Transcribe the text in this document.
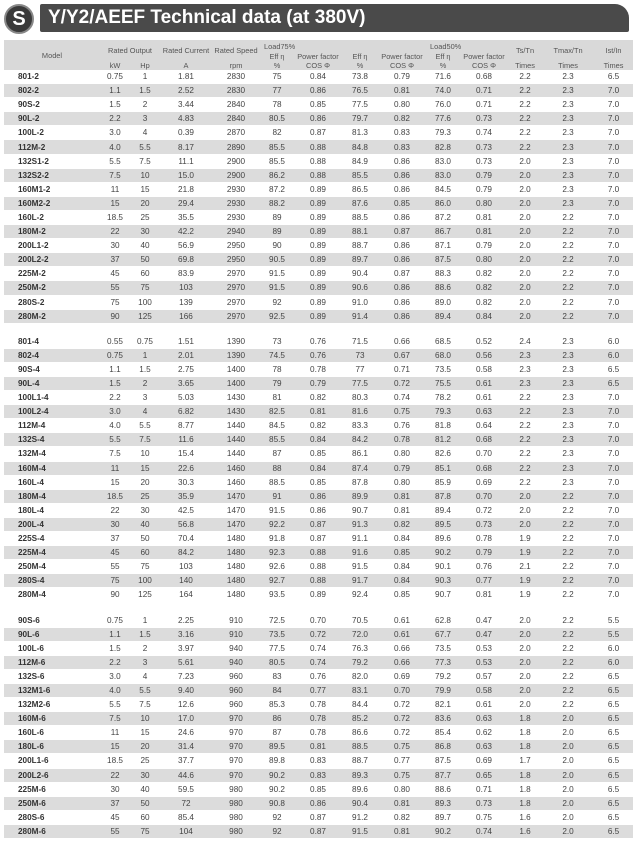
S	Y/Y2/AEEF Technical data (at 380V)
Model	Rated Output		Rated Current	Rated Speed	Load75%				Load50%		Ts/Tn	Tmax/Tn	Ist/In
					Eff η	Power factor	Eff η	Power factor	Eff η	Power factor			
	kW	Hp	A	rpm	%	COS Φ	%	COS Φ	%	COS Φ	Times	Times	Times
801-2	0.75	1	1.81	2830	75	0.84	73.8	0.79	71.6	0.68	2.2	2.3	6.5
802-2	1.1	1.5	2.52	2830	77	0.86	76.5	0.81	74.0	0.71	2.2	2.3	7.0
90S-2	1.5	2	3.44	2840	78	0.85	77.5	0.80	76.0	0.71	2.2	2.3	7.0
90L-2	2.2	3	4.83	2840	80.5	0.86	79.7	0.82	77.6	0.73	2.2	2.3	7.0
100L-2	3.0	4	0.39	2870	82	0.87	81.3	0.83	79.3	0.74	2.2	2.3	7.0
112M-2	4.0	5.5	8.17	2890	85.5	0.88	84.8	0.83	82.8	0.73	2.2	2.3	7.0
132S1-2	5.5	7.5	11.1	2900	85.5	0.88	84.9	0.86	83.0	0.73	2.0	2.3	7.0
132S2-2	7.5	10	15.0	2900	86.2	0.88	85.5	0.86	83.0	0.79	2.0	2.3	7.0
160M1-2	11	15	21.8	2930	87.2	0.89	86.5	0.86	84.5	0.79	2.0	2.3	7.0
160M2-2	15	20	29.4	2930	88.2	0.89	87.6	0.85	86.0	0.80	2.0	2.3	7.0
160L-2	18.5	25	35.5	2930	89	0.89	88.5	0.86	87.2	0.81	2.0	2.2	7.0
180M-2	22	30	42.2	2940	89	0.89	88.1	0.87	86.7	0.81	2.0	2.2	7.0
200L1-2	30	40	56.9	2950	90	0.89	88.7	0.86	87.1	0.79	2.0	2.2	7.0
200L2-2	37	50	69.8	2950	90.5	0.89	89.7	0.86	87.5	0.80	2.0	2.2	7.0
225M-2	45	60	83.9	2970	91.5	0.89	90.4	0.87	88.3	0.82	2.0	2.2	7.0
250M-2	55	75	103	2970	91.5	0.89	90.6	0.86	88.6	0.82	2.0	2.2	7.0
280S-2	75	100	139	2970	92	0.89	91.0	0.86	89.0	0.82	2.0	2.2	7.0
280M-2	90	125	166	2970	92.5	0.89	91.4	0.86	89.4	0.84	2.0	2.2	7.0

801-4	0.55	0.75	1.51	1390	73	0.76	71.5	0.66	68.5	0.52	2.4	2.3	6.0
802-4	0.75	1	2.01	1390	74.5	0.76	73	0.67	68.0	0.56	2.3	2.3	6.0
90S-4	1.1	1.5	2.75	1400	78	0.78	77	0.71	73.5	0.58	2.3	2.3	6.5
90L-4	1.5	2	3.65	1400	79	0.79	77.5	0.72	75.5	0.61	2.3	2.3	6.5
100L1-4	2.2	3	5.03	1430	81	0.82	80.3	0.74	78.2	0.61	2.2	2.3	7.0
100L2-4	3.0	4	6.82	1430	82.5	0.81	81.6	0.75	79.3	0.63	2.2	2.3	7.0
112M-4	4.0	5.5	8.77	1440	84.5	0.82	83.3	0.76	81.8	0.64	2.2	2.3	7.0
132S-4	5.5	7.5	11.6	1440	85.5	0.84	84.2	0.78	81.2	0.68	2.2	2.3	7.0
132M-4	7.5	10	15.4	1440	87	0.85	86.1	0.80	82.6	0.70	2.2	2.3	7.0
160M-4	11	15	22.6	1460	88	0.84	87.4	0.79	85.1	0.68	2.2	2.3	7.0
160L-4	15	20	30.3	1460	88.5	0.85	87.8	0.80	85.9	0.69	2.2	2.3	7.0
180M-4	18.5	25	35.9	1470	91	0.86	89.9	0.81	87.8	0.70	2.0	2.2	7.0
180L-4	22	30	42.5	1470	91.5	0.86	90.7	0.81	89.4	0.72	2.0	2.2	7.0
200L-4	30	40	56.8	1470	92.2	0.87	91.3	0.82	89.5	0.73	2.0	2.2	7.0
225S-4	37	50	70.4	1480	91.8	0.87	91.1	0.84	89.6	0.78	1.9	2.2	7.0
225M-4	45	60	84.2	1480	92.3	0.88	91.6	0.85	90.2	0.79	1.9	2.2	7.0
250M-4	55	75	103	1480	92.6	0.88	91.5	0.84	90.1	0.76	2.1	2.2	7.0
280S-4	75	100	140	1480	92.7	0.88	91.7	0.84	90.3	0.77	1.9	2.2	7.0
280M-4	90	125	164	1480	93.5	0.89	92.4	0.85	90.7	0.81	1.9	2.2	7.0

90S-6	0.75	1	2.25	910	72.5	0.70	70.5	0.61	62.8	0.47	2.0	2.2	5.5
90L-6	1.1	1.5	3.16	910	73.5	0.72	72.0	0.61	67.7	0.47	2.0	2.2	5.5
100L-6	1.5	2	3.97	940	77.5	0.74	76.3	0.66	73.5	0.53	2.0	2.2	6.0
112M-6	2.2	3	5.61	940	80.5	0.74	79.2	0.66	77.3	0.53	2.0	2.2	6.0
132S-6	3.0	4	7.23	960	83	0.76	82.0	0.69	79.2	0.57	2.0	2.2	6.5
132M1-6	4.0	5.5	9.40	960	84	0.77	83.1	0.70	79.9	0.58	2.0	2.2	6.5
132M2-6	5.5	7.5	12.6	960	85.3	0.78	84.4	0.72	82.1	0.61	2.0	2.2	6.5
160M-6	7.5	10	17.0	970	86	0.78	85.2	0.72	83.6	0.63	1.8	2.0	6.5
160L-6	11	15	24.6	970	87	0.78	86.6	0.72	85.4	0.62	1.8	2.0	6.5
180L-6	15	20	31.4	970	89.5	0.81	88.5	0.75	86.8	0.63	1.8	2.0	6.5
200L1-6	18.5	25	37.7	970	89.8	0.83	88.7	0.77	87.5	0.69	1.7	2.0	6.5
200L2-6	22	30	44.6	970	90.2	0.83	89.3	0.75	87.7	0.65	1.8	2.0	6.5
225M-6	30	40	59.5	980	90.2	0.85	89.6	0.80	88.6	0.71	1.8	2.0	6.5
250M-6	37	50	72	980	90.8	0.86	90.4	0.81	89.3	0.73	1.8	2.0	6.5
280S-6	45	60	85.4	980	92	0.87	91.2	0.82	89.7	0.75	1.6	2.0	6.5
280M-6	55	75	104	980	92	0.87	91.5	0.81	90.2	0.74	1.6	2.0	6.5
